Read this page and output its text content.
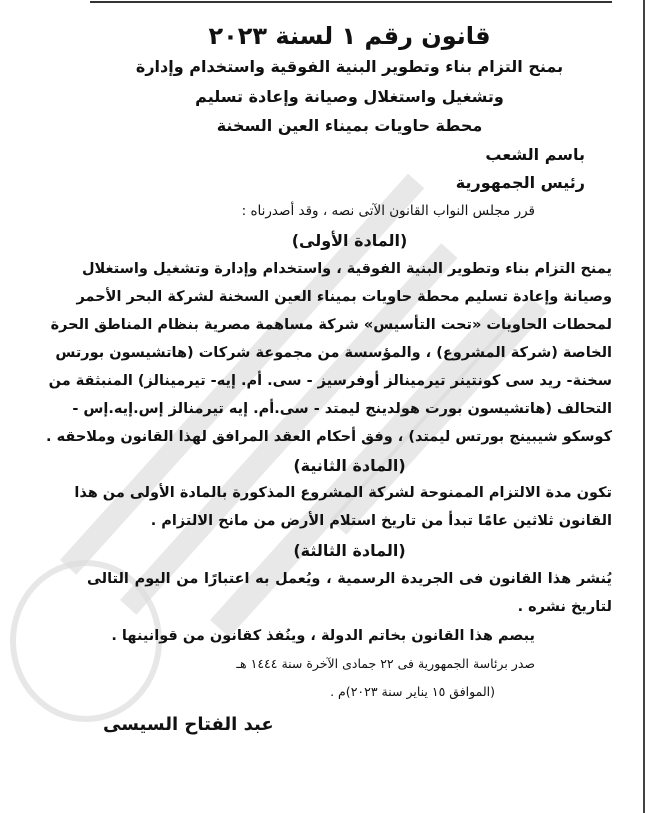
قانون رقم ١ لسنة ٢٠٢٣
بمنح التزام بناء وتطوير البنية الفوقية واستخدام وإدارة
وتشغيل واستغلال وصيانة وإعادة تسليم
محطة حاويات بميناء العين السخنة
باسم الشعب
رئيس الجمهورية
قرر مجلس النواب القانون الآتى نصه ، وقد أصدرناه :
(المادة الأولى)
يمنح التزام بناء وتطوير البنية الفوقية ، واستخدام وإدارة وتشغيل واستغلال
وصيانة وإعادة تسليم محطة حاويات بميناء العين السخنة لشركة البحر الأحمر
لمحطات الحاويات «تحت التأسيس» شركة مساهمة مصرية بنظام المناطق الحرة
الخاصة (شركة المشروع) ، والمؤسسة من مجموعة شركات (هاتشيسون بورتس
سخنة- ريد سى كونتينر تيرمينالز أوفرسيز - سى. أم. إيه- تيرمينالز) المنبثقة من
التحالف (هاتشيسون بورت هولدينج ليمتد - سى.أم. إيه تيرمنالز إس.إيه.إس -
كوسكو شيبينج بورتس ليمتد) ، وفق أحكام العقد المرافق لهذا القانون وملاحقه .
(المادة الثانية)
تكون مدة الالتزام الممنوحة لشركة المشروع المذكورة بالمادة الأولى من هذا
القانون ثلاثين عامًا تبدأ من تاريخ استلام الأرض من مانح الالتزام .
(المادة الثالثة)
يُنشر هذا القانون فى الجريدة الرسمية ، ويُعمل به اعتبارًا من اليوم التالى
لتاريخ نشره .
يبصم هذا القانون بخاتم الدولة ، وينُفذ كقانون من قوانينها .
صدر برئاسة الجمهورية فى ٢٢ جمادى الآخرة سنة ١٤٤٤ هـ
(الموافق ١٥ يناير سنة ٢٠٢٣)م .
عبد الفتاح السيسى
